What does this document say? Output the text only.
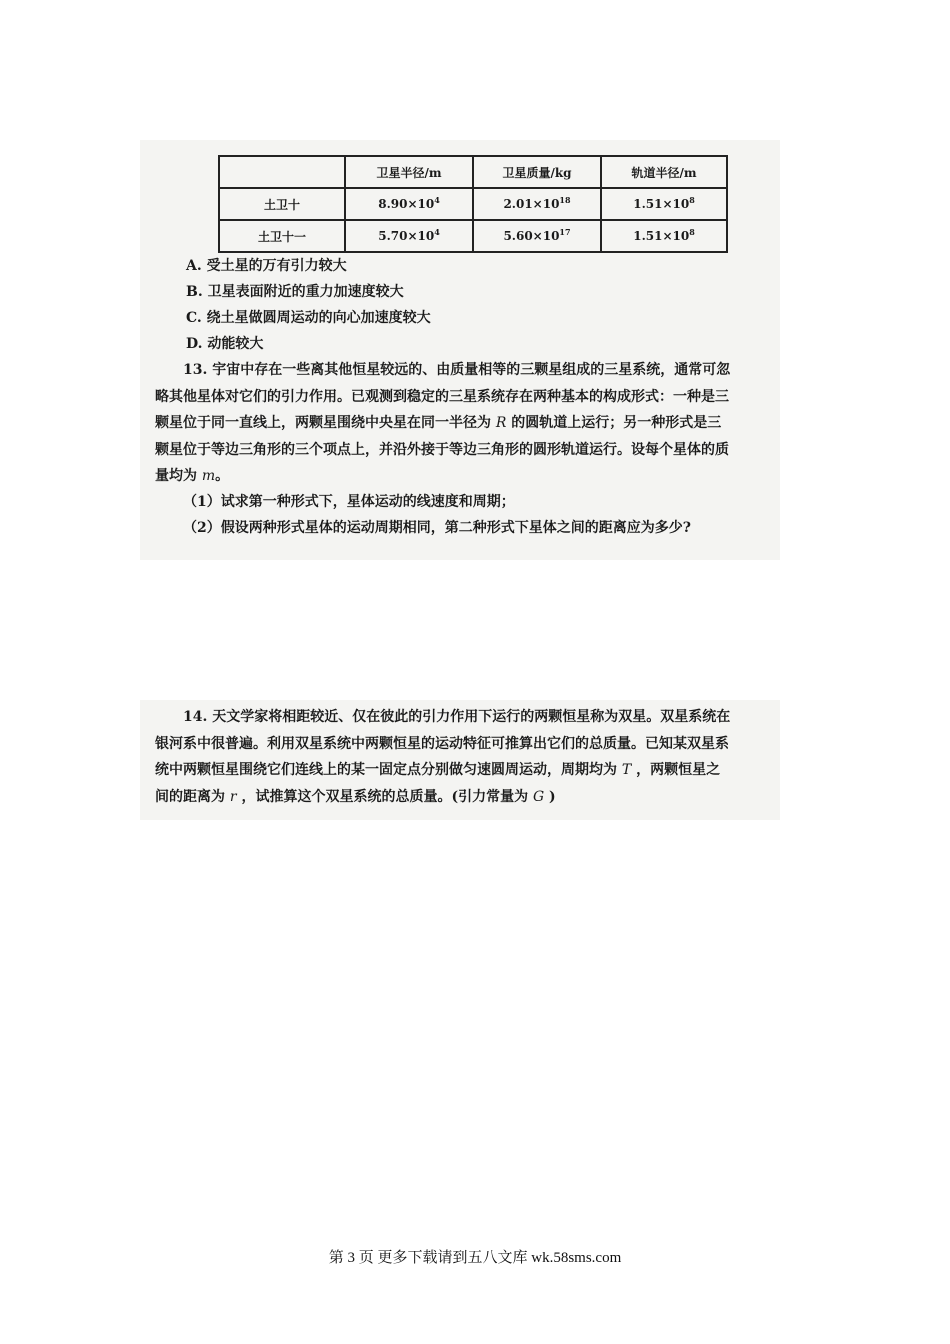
	卫星半径/m	卫星质量/kg	轨道半径/m
土卫十	$8.90\times 10^4$	$2.01\times 10^{18}$	$1.51\times 10^8$
土卫十一	$5.70\times 10^4$	$5.60\times 10^{17}$	$1.51\times 10^8$
A. 受土星的万有引力较大
B. 卫星表面附近的重力加速度较大
C. 绕土星做圆周运动的向心加速度较大
D. 动能较大
13. 宇宙中存在一些离其他恒星较远的、由质量相等的三颗星组成的三星系统，通常可忽
略其他星体对它们的引力作用。已观测到稳定的三星系统存在两种基本的构成形式：一种是三
颗星位于同一直线上，两颗星围绕中央星在同一半径为 R 的圆轨道上运行；另一种形式是三
颗星位于等边三角形的三个项点上，并沿外接于等边三角形的圆形轨道运行。设每个星体的质
量均为 m。
（1）试求第一种形式下，星体运动的线速度和周期；
（2）假设两种形式星体的运动周期相同，第二种形式下星体之间的距离应为多少?
14. 天文学家将相距较近、仅在彼此的引力作用下运行的两颗恒星称为双星。双星系统在
银河系中很普遍。利用双星系统中两颗恒星的运动特征可推算出它们的总质量。已知某双星系
统中两颗恒星围绕它们连线上的某一固定点分别做匀速圆周运动，周期均为 T ，两颗恒星之
间的距离为 r ，试推算这个双星系统的总质量。(引力常量为 G )
第 3 页 更多下载请到五八文库 wk.58sms.com
